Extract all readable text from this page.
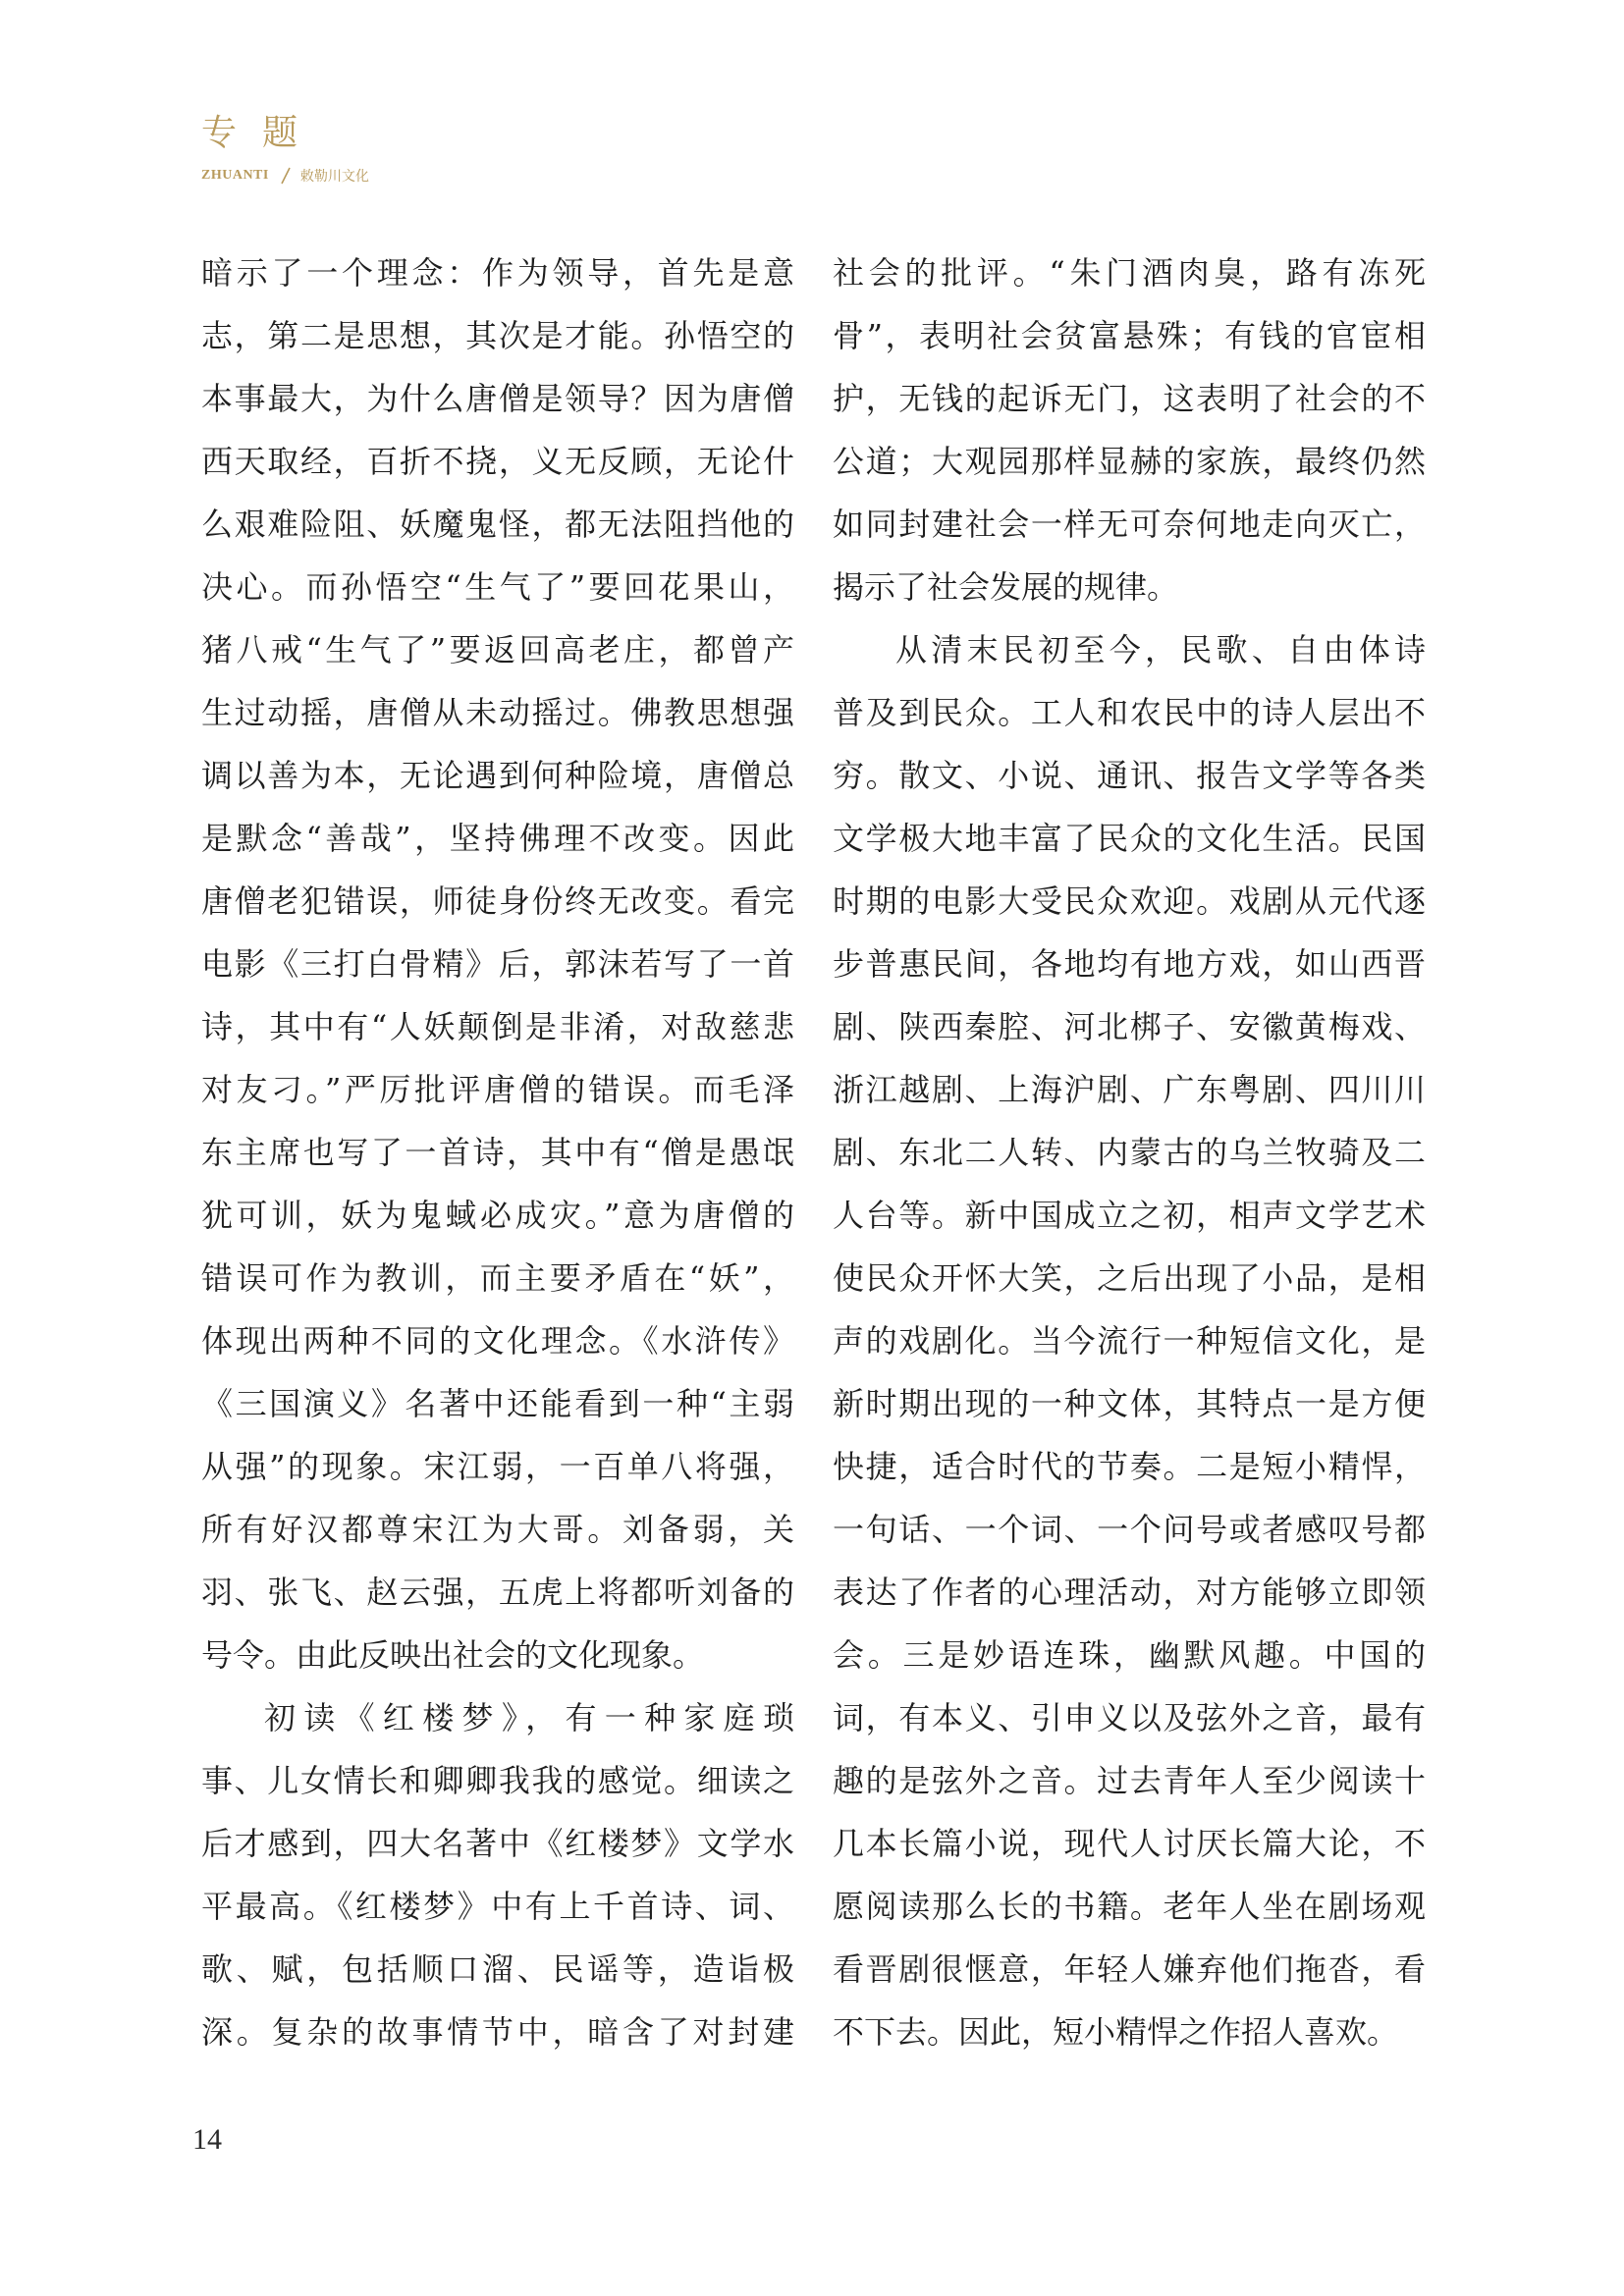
专题
ZHUANTI 敕勒川文化

暗示了一个理念：作为领导，首先是意

志，第二是思想，其次是才能。孙悟空的

本事最大，为什么唐僧是领导？因为唐僧

西天取经，百折不挠，义无反顾，无论什

么艰难险阻、妖魔鬼怪，都无法阻挡他的

决心。而孙悟空“生气了”要回花果山，

猪八戒“生气了”要返回高老庄，都曾产

生过动摇，唐僧从未动摇过。佛教思想强

调以善为本，无论遇到何种险境，唐僧总

是默念“善哉”，坚持佛理不改变。因此

唐僧老犯错误，师徒身份终无改变。看完

电影《三打白骨精》后，郭沫若写了一首

诗，其中有“人妖颠倒是非淆，对敌慈悲

对友刁。”严厉批评唐僧的错误。而毛泽

东主席也写了一首诗，其中有“僧是愚氓

犹可训，妖为鬼蜮必成灾。”意为唐僧的

错误可作为教训，而主要矛盾在“妖”，

体现出两种不同的文化理念。《水浒传》

《三国演义》名著中还能看到一种“主弱

从强”的现象。宋江弱，一百单八将强，

所有好汉都尊宋江为大哥。刘备弱，关

羽、张飞、赵云强，五虎上将都听刘备的

号令。由此反映出社会的文化现象。

初读《红楼梦》，有一种家庭琐

事、儿女情长和卿卿我我的感觉。细读之

后才感到，四大名著中《红楼梦》文学水

平最高。《红楼梦》中有上千首诗、词、

歌、赋，包括顺口溜、民谣等，造诣极

深。复杂的故事情节中，暗含了对封建

社会的批评。“朱门酒肉臭，路有冻死

骨”，表明社会贫富悬殊；有钱的官宦相

护，无钱的起诉无门，这表明了社会的不

公道；大观园那样显赫的家族，最终仍然

如同封建社会一样无可奈何地走向灭亡，

揭示了社会发展的规律。

从清末民初至今，民歌、自由体诗

普及到民众。工人和农民中的诗人层出不

穷。散文、小说、通讯、报告文学等各类

文学极大地丰富了民众的文化生活。民国

时期的电影大受民众欢迎。戏剧从元代逐

步普惠民间，各地均有地方戏，如山西晋

剧、陕西秦腔、河北梆子、安徽黄梅戏、

浙江越剧、上海沪剧、广东粤剧、四川川

剧、东北二人转、内蒙古的乌兰牧骑及二

人台等。新中国成立之初，相声文学艺术

使民众开怀大笑，之后出现了小品，是相

声的戏剧化。当今流行一种短信文化，是

新时期出现的一种文体，其特点一是方便

快捷，适合时代的节奏。二是短小精悍，

一句话、一个词、一个问号或者感叹号都

表达了作者的心理活动，对方能够立即领

会。三是妙语连珠，幽默风趣。中国的

词，有本义、引申义以及弦外之音，最有

趣的是弦外之音。过去青年人至少阅读十

几本长篇小说，现代人讨厌长篇大论，不

愿阅读那么长的书籍。老年人坐在剧场观

看晋剧很惬意，年轻人嫌弃他们拖沓，看

不下去。因此，短小精悍之作招人喜欢。

14
